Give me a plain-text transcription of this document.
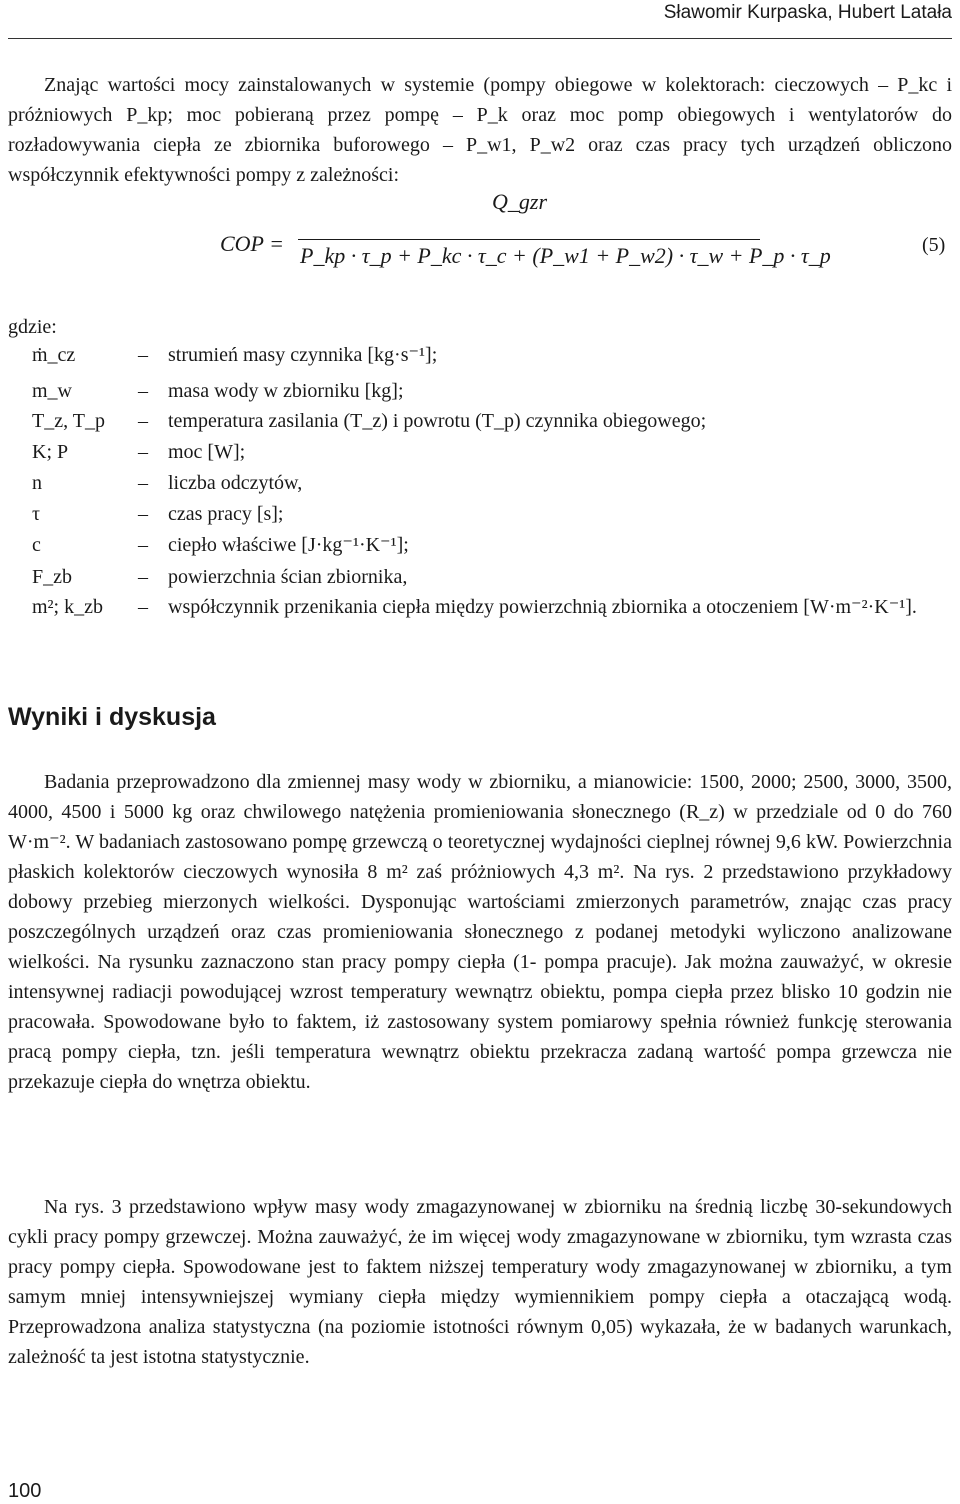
Sławomir Kurpaska, Hubert Latała

Znając wartości mocy zainstalowanych w systemie (pompy obiegowe w kolektorach: cieczowych – P_kc i próżniowych P_kp; moc pobieraną przez pompę – P_k oraz moc pomp obiegowych i wentylatorów do rozładowywania ciepła ze zbiornika buforowego – P_w1, P_w2 oraz czas pracy tych urządzeń obliczono współczynnik efektywności pompy z zależności:

COP =
Q_gzr
P_kp · τ_p + P_kc · τ_c + (P_w1 + P_w2) · τ_w + P_p · τ_p	(5)
gdzie:
ṁ_cz	– strumień masy czynnika [kg·s⁻¹];
m_w	– masa wody w zbiorniku [kg];
T_z, T_p	– temperatura zasilania (T_z) i powrotu (T_p) czynnika obiegowego;
K; P	– moc [W];
n	– liczba odczytów,
τ	– czas pracy [s];
c	– ciepło właściwe [J·kg⁻¹·K⁻¹];
F_zb	– powierzchnia ścian zbiornika,
m²; k_zb	– współczynnik przenikania ciepła między powierzchnią zbiornika a otoczeniem [W·m⁻²·K⁻¹].
Wyniki i dyskusja

Badania przeprowadzono dla zmiennej masy wody w zbiorniku, a mianowicie: 1500, 2000; 2500, 3000, 3500, 4000, 4500 i 5000 kg oraz chwilowego natężenia promieniowania słonecznego (R_z) w przedziale od 0 do 760 W·m⁻². W badaniach zastosowano pompę grzewczą o teoretycznej wydajności cieplnej równej 9,6 kW. Powierzchnia płaskich kolektorów cieczowych wynosiła 8 m² zaś próżniowych 4,3 m². Na rys. 2 przedstawiono przykładowy dobowy przebieg mierzonych wielkości. Dysponując wartościami zmierzonych parametrów, znając czas pracy poszczególnych urządzeń oraz czas promieniowania słonecznego z podanej metodyki wyliczono analizowane wielkości. Na rysunku zaznaczono stan pracy pompy ciepła (1- pompa pracuje). Jak można zauważyć, w okresie intensywnej radiacji powodującej wzrost temperatury wewnątrz obiektu, pompa ciepła przez blisko 10 godzin nie pracowała. Spowodowane było to faktem, iż zastosowany system pomiarowy spełnia również funkcję sterowania pracą pompy ciepła, tzn. jeśli temperatura wewnątrz obiektu przekracza zadaną wartość pompa grzewcza nie przekazuje ciepła do wnętrza obiektu.

Na rys. 3 przedstawiono wpływ masy wody zmagazynowanej w zbiorniku na średnią liczbę 30-sekundowych cykli pracy pompy grzewczej. Można zauważyć, że im więcej wody zmagazynowane w zbiorniku, tym wzrasta czas pracy pompy ciepła. Spowodowane jest to faktem niższej temperatury wody zmagazynowanej w zbiorniku, a tym samym mniej intensywniejszej wymiany ciepła między wymiennikiem pompy ciepła a otaczającą wodą. Przeprowadzona analiza statystyczna (na poziomie istotności równym 0,05) wykazała, że w badanych warunkach, zależność ta jest istotna statystycznie.

100
